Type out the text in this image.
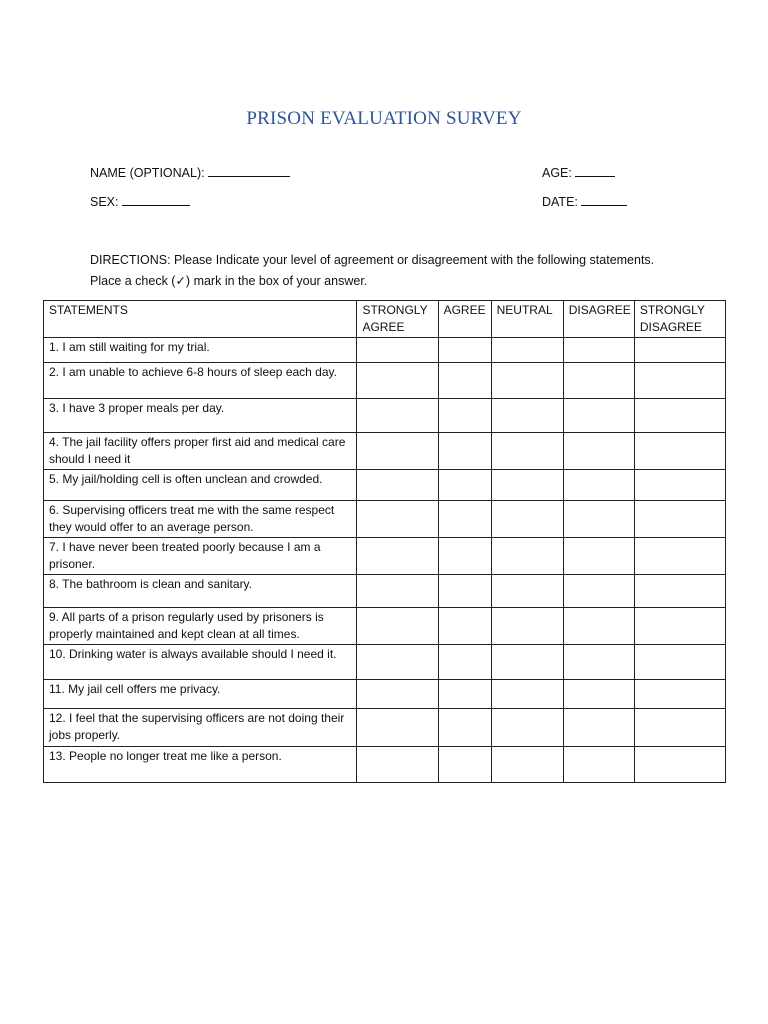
PRISON EVALUATION SURVEY
NAME (OPTIONAL):	AGE:
SEX:	DATE:
DIRECTIONS: Please Indicate your level of agreement or disagreement with the following statements.
Place a check (✓) mark in the box of your answer.
STATEMENTS	STRONGLY AGREE	AGREE	NEUTRAL	DISAGREE	STRONGLY DISAGREE
1. I am still waiting for my trial.					
2. I am unable to achieve 6-8 hours of sleep each day.					
3. I have 3 proper meals per day.					
4. The jail facility offers proper first aid and medical care should I need it					
5. My jail/holding cell is often unclean and crowded.					
6. Supervising officers treat me with the same respect they would offer to an average person.					
7. I have never been treated poorly because I am a prisoner.					
8. The bathroom is clean and sanitary.					
9. All parts of a prison regularly used by prisoners is properly maintained and kept clean at all times.					
10. Drinking water is always available should I need it.					
11. My jail cell offers me privacy.					
12. I feel that the supervising officers are not doing their jobs properly.					
13. People no longer treat me like a person.					
